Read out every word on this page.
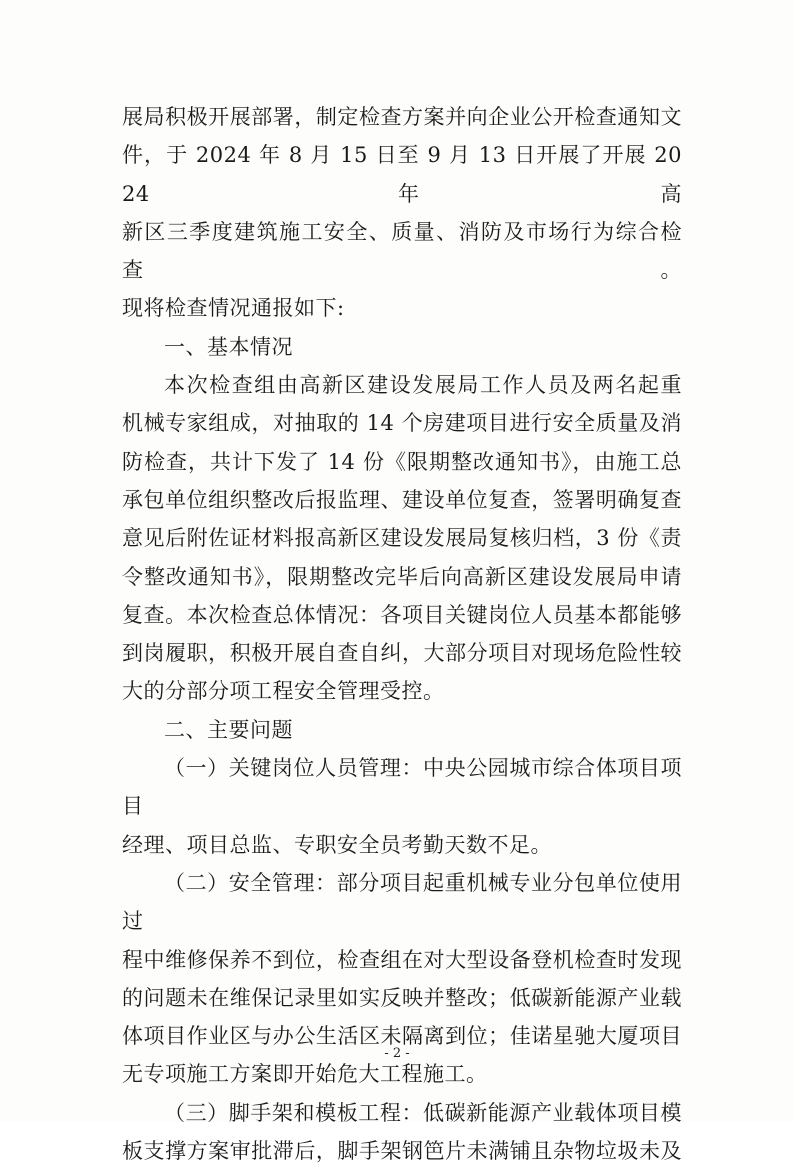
展局积极开展部署，制定检查方案并向企业公开检查通知文

件，于 2024 年 8 月 15 日至 9 月 13 日开展了开展 2024 年高

新区三季度建筑施工安全、质量、消防及市场行为综合检查。

现将检查情况通报如下:

一、基本情况

本次检查组由高新区建设发展局工作人员及两名起重

机械专家组成，对抽取的 14 个房建项目进行安全质量及消

防检查，共计下发了 14 份《限期整改通知书》，由施工总

承包单位组织整改后报监理、建设单位复查，签署明确复查

意见后附佐证材料报高新区建设发展局复核归档，3 份《责

令整改通知书》，限期整改完毕后向高新区建设发展局申请

复查。本次检查总体情况：各项目关键岗位人员基本都能够

到岗履职，积极开展自查自纠，大部分项目对现场危险性较

大的分部分项工程安全管理受控。

二、主要问题

（一）关键岗位人员管理：中央公园城市综合体项目项目

经理、项目总监、专职安全员考勤天数不足。

（二）安全管理：部分项目起重机械专业分包单位使用过

程中维修保养不到位，检查组在对大型设备登机检查时发现

的问题未在维保记录里如实反映并整改；低碳新能源产业载

体项目作业区与办公生活区未隔离到位；佳诺星驰大厦项目

无专项施工方案即开始危大工程施工。

（三）脚手架和模板工程：低碳新能源产业载体项目模

板支撑方案审批滞后，脚手架钢笆片未满铺且杂物垃圾未及

- 2 -
